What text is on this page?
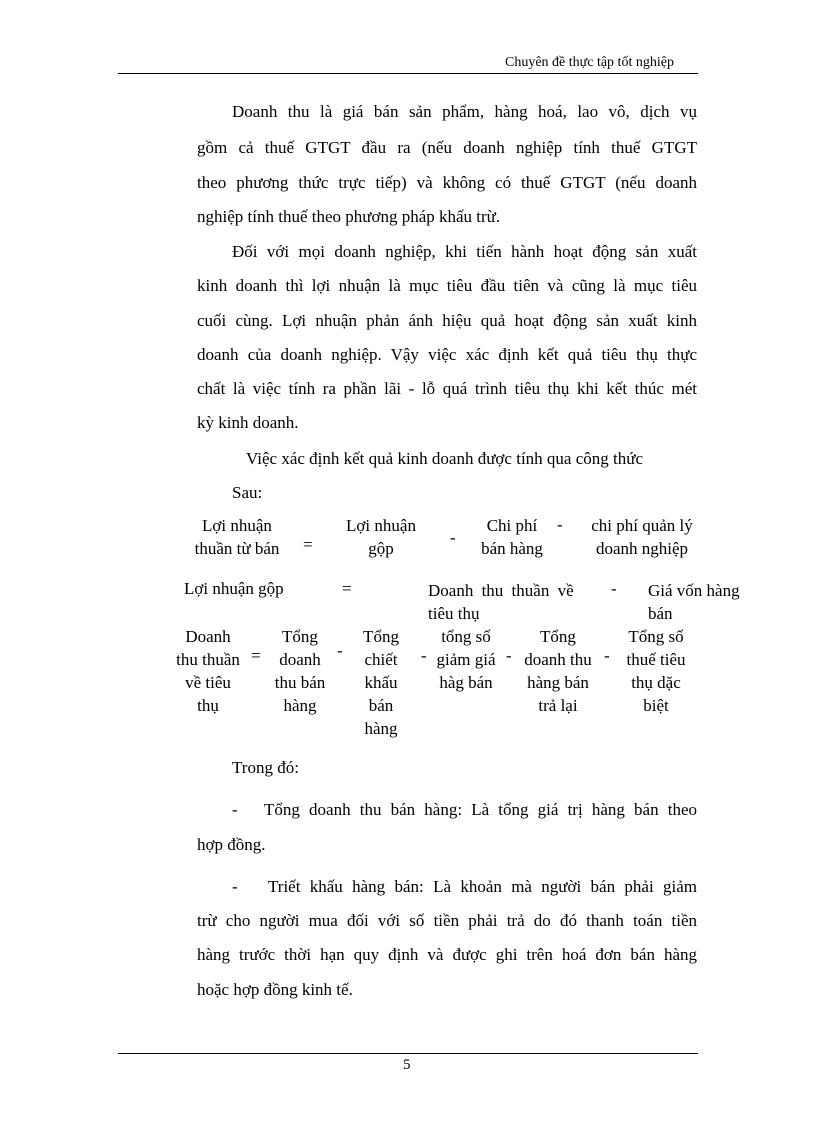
Chuyên đề thực tập tốt nghiệp
Doanh thu là giá bán sản phẩm, hàng hoá, lao vô, dịch vụ
gồm cả thuế GTGT đầu ra (nếu doanh nghiệp tính thuế GTGT
theo phương thức trực tiếp) và không có thuế GTGT (nếu doanh
nghiệp tính thuế theo phương pháp khấu trừ.
Đối với mọi doanh nghiệp, khi tiến hành hoạt động sản xuất
kinh doanh thì lợi nhuận là mục tiêu đầu tiên và cũng là mục tiêu
cuối cùng. Lợi nhuận phản ánh hiệu quả hoạt động sản xuất kinh
doanh của doanh nghiệp. Vậy việc xác định kết quả tiêu thụ thực
chất là việc tính ra phần lãi - lỗ quá trình tiêu thụ khi kết thúc mét
kỳ kinh doanh.
Việc xác định kết quả kinh doanh được tính qua công thức
Sau:
Lợi nhuận
thuần từ bán =
Lợi nhuận
gộp
-
Chi phí
bán hàng
- chi phí quản lý
doanh nghiệp
Lợi nhuận gộp	=	Doanh thu thuần về
tiêu thụ
- Giá vốn hàng
bán
Doanh
thu thuần
về tiêu
thụ
=
Tổng
doanh
thu bán
hàng
-
Tổng
chiết
khấu
bán
hàng
-
tổng số
giảm giá
hàg bán
-
Tổng
doanh thu
hàng bán
trả lại
-
Tổng số
thuế tiêu
thụ dặc
biệt
Trong đó:
- Tổng doanh thu bán hàng: Là tổng giá trị hàng bán theo
hợp đồng.
- Triết khấu hàng bán: Là khoản mà người bán phải giảm
trừ cho người mua đối với số tiền phải trả do đó thanh toán tiền
hàng trước thời hạn quy định và được ghi trên hoá đơn bán hàng
hoặc hợp đồng kinh tế.
5
